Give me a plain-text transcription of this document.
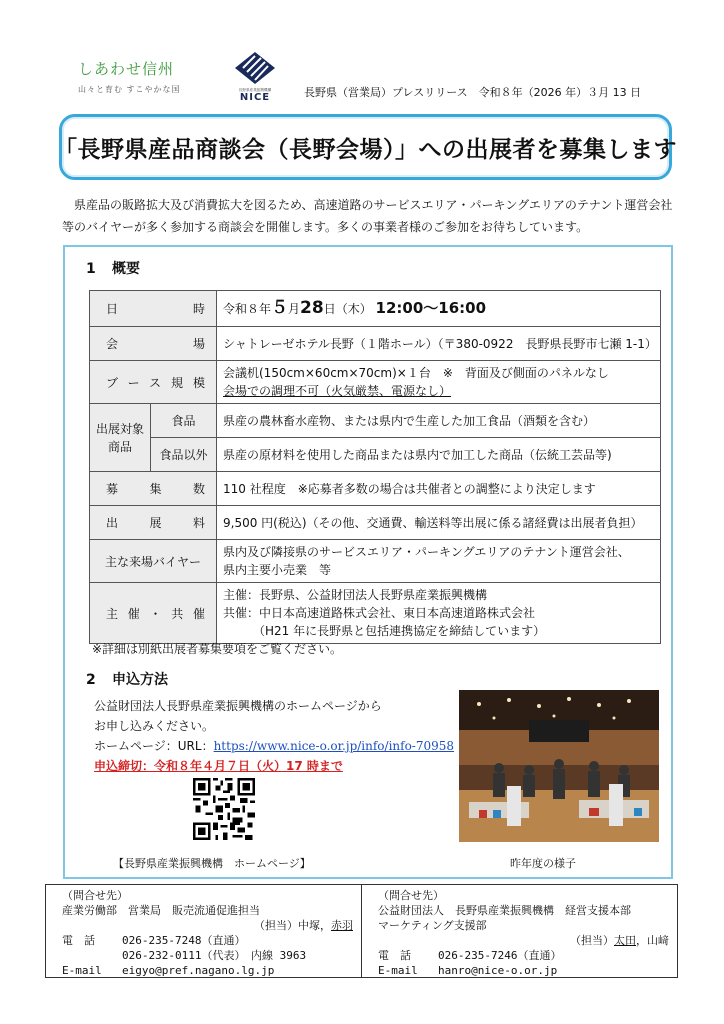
しあわせ信州
山々と育む すこやかな国	長野県産業振興機構
NICE	長野県（営業局）プレスリリース　令和８年（2026 年）３月 13 日
「長野県産品商談会（長野会場）」への出展者を募集します

県産品の販路拡大及び消費拡大を図るため、高速道路のサービスエリア・パーキングエリアのテナント運営会社等のバイヤーが多く参加する商談会を開催します。多くの事業者様のご参加をお待ちしています。

1 概要
日時		令和８年５月28日（木） 12:00～16:00
会場		シャトレーゼホテル長野（１階ホール）（〒380-0922　長野県長野市七瀬 1-1）
ブース規模		会議机(150cm×60cm×70cm)×１台　※　背面及び側面のパネルなし
会場での調理不可（火気厳禁、電源なし）

出展対象商品	食品	県産の農林畜水産物、または県内で生産した加工食品（酒類を含む）
	食品以外	県産の原材料を使用した商品または県内で加工した商品（伝統工芸品等)
募集数		110 社程度　※応募者多数の場合は共催者との調整により決定します
出展料		9,500 円(税込)（その他、交通費、輸送料等出展に係る諸経費は出展者負担）
主な来場バイヤー		県内及び隣接県のサービスエリア・パーキングエリアのテナント運営会社、
県内主要小売業　等

主催・共催		主催：長野県、公益財団法人長野県産業振興機構
共催：中日本高速道路株式会社、東日本高速道路株式会社
（H21 年に長野県と包括連携協定を締結しています）
※詳細は別紙出展者募集要項をご覧ください。
2 申込方法
公益財団法人長野県産業振興機構のホームページから
お申し込みください。
ホームページ：URL：https://www.nice-o.or.jp/info/info-70958
申込締切：令和８年４月７日（火）17 時まで
【長野県産業振興機構　ホームページ】	昨年度の様子
（問合せ先）
産業労働部　営業局　販売流通促進担当
（担当）中塚，赤羽
電　話 026-235-7248（直通）
026-232-0111（代表）　内線 3963
E-mail eigyo@pref.nagano.lg.jp
（問合せ先）
公益財団法人　長野県産業振興機構　経営支援本部
マーケティング支援部
（担当）太田，山﨑
電　話 026-235-7246（直通）
E-mail hanro@nice-o.or.jp
